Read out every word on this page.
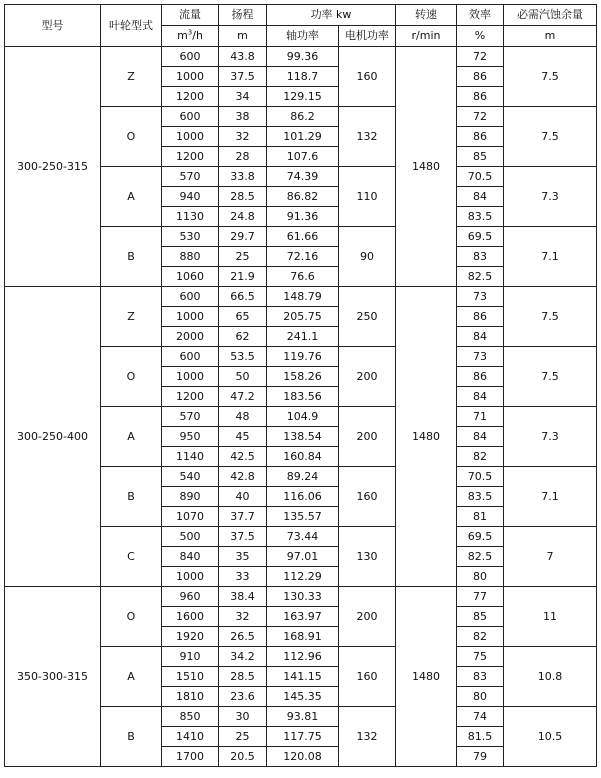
型号	叶轮型式	流量	扬程	功率 kw		转速	效率	必需汽蚀余量
		$m^3/h$	m	轴功率	电机功率	r/min	%	m
300-250-315	Z	600	43.8	99.36	160	1480	72	7.5
		1000	37.5	118.7			86	
		1200	34	129.15			86	
	O	600	38	86.2	132		72	7.5
		1000	32	101.29			86	
		1200	28	107.6			85	
	A	570	33.8	74.39	110		70.5	7.3
		940	28.5	86.82			84	
		1130	24.8	91.36			83.5	
	B	530	29.7	61.66	90		69.5	7.1
		880	25	72.16			83	
		1060	21.9	76.6			82.5	
300-250-400	Z	600	66.5	148.79	250	1480	73	7.5
		1000	65	205.75			86	
		2000	62	241.1			84	
	O	600	53.5	119.76	200		73	7.5
		1000	50	158.26			86	
		1200	47.2	183.56			84	
	A	570	48	104.9	200		71	7.3
		950	45	138.54			84	
		1140	42.5	160.84			82	
	B	540	42.8	89.24	160		70.5	7.1
		890	40	116.06			83.5	
		1070	37.7	135.57			81	
	C	500	37.5	73.44	130		69.5	7
		840	35	97.01			82.5	
		1000	33	112.29			80	
350-300-315	O	960	38.4	130.33	200	1480	77	11
		1600	32	163.97			85	
		1920	26.5	168.91			82	
	A	910	34.2	112.96	160		75	10.8
		1510	28.5	141.15			83	
		1810	23.6	145.35			80	
	B	850	30	93.81	132		74	10.5
		1410	25	117.75			81.5	
		1700	20.5	120.08			79	
